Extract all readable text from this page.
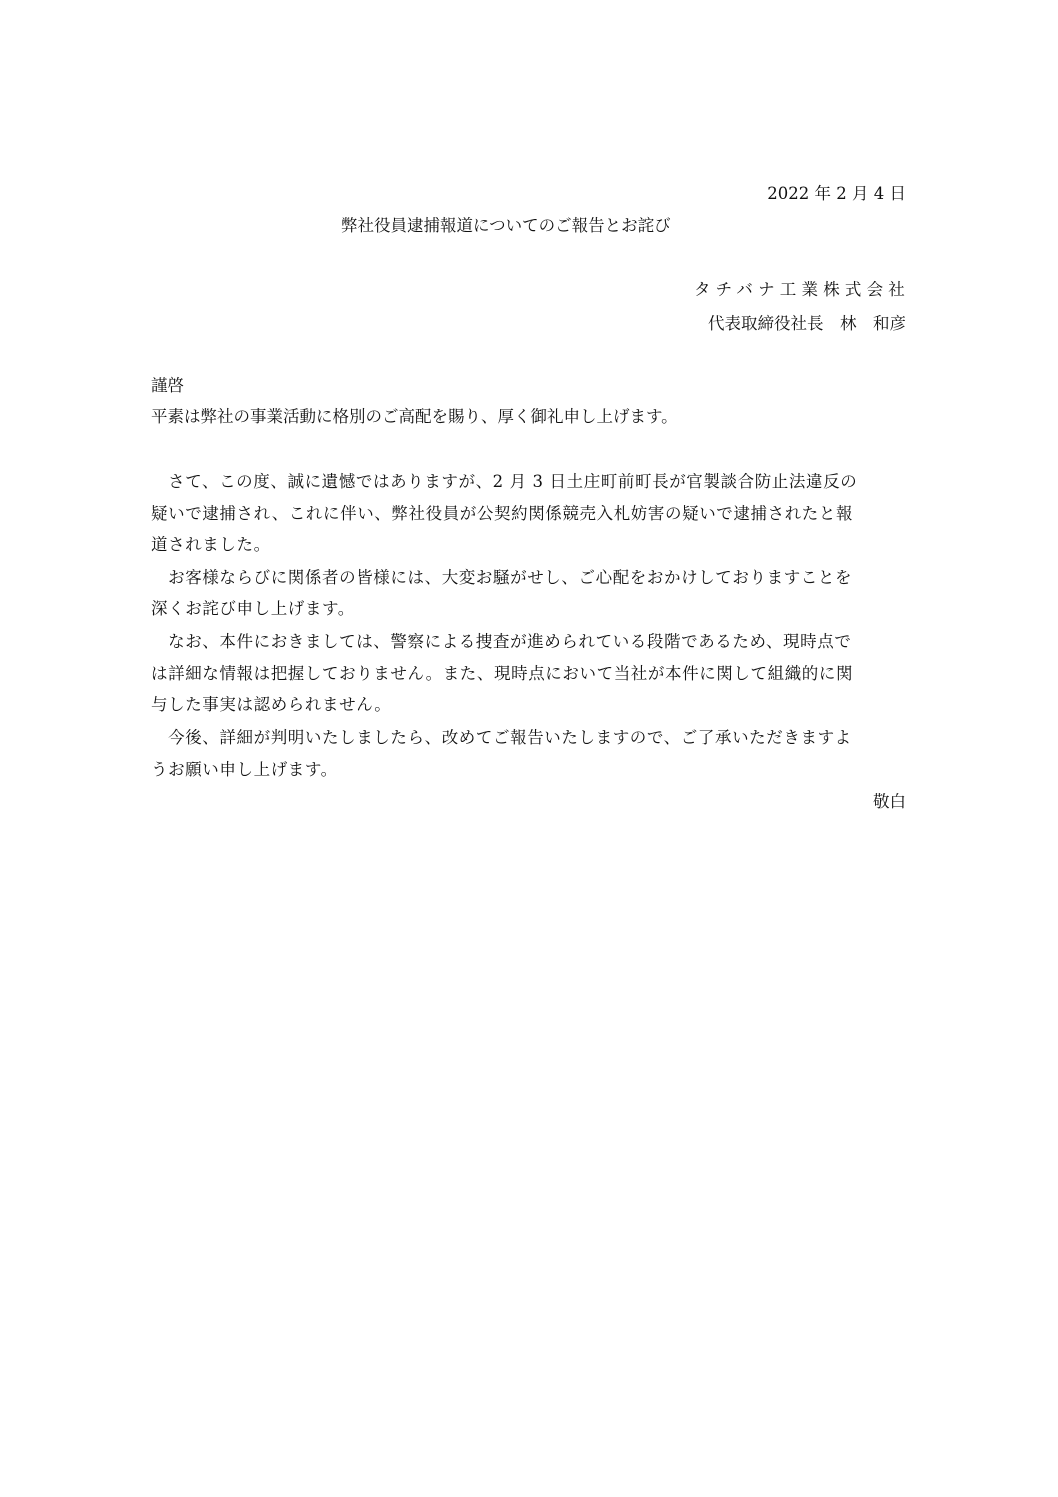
2022 年 2 月 4 日
弊社役員逮捕報道についてのご報告とお詫び
タチバナ工業株式会社
代表取締役社長　林　和彦
謹啓
平素は弊社の事業活動に格別のご高配を賜り、厚く御礼申し上げます。
　さて、この度、誠に遺憾ではありますが、2 月 3 日土庄町前町長が官製談合防止法違反の
疑いで逮捕され、これに伴い、弊社役員が公契約関係競売入札妨害の疑いで逮捕されたと報
道されました。
　お客様ならびに関係者の皆様には、大変お騒がせし、ご心配をおかけしておりますことを
深くお詫び申し上げます。
　なお、本件におきましては、警察による捜査が進められている段階であるため、現時点で
は詳細な情報は把握しておりません。また、現時点において当社が本件に関して組織的に関
与した事実は認められません。
　今後、詳細が判明いたしましたら、改めてご報告いたしますので、ご了承いただきますよ
うお願い申し上げます。
敬白
